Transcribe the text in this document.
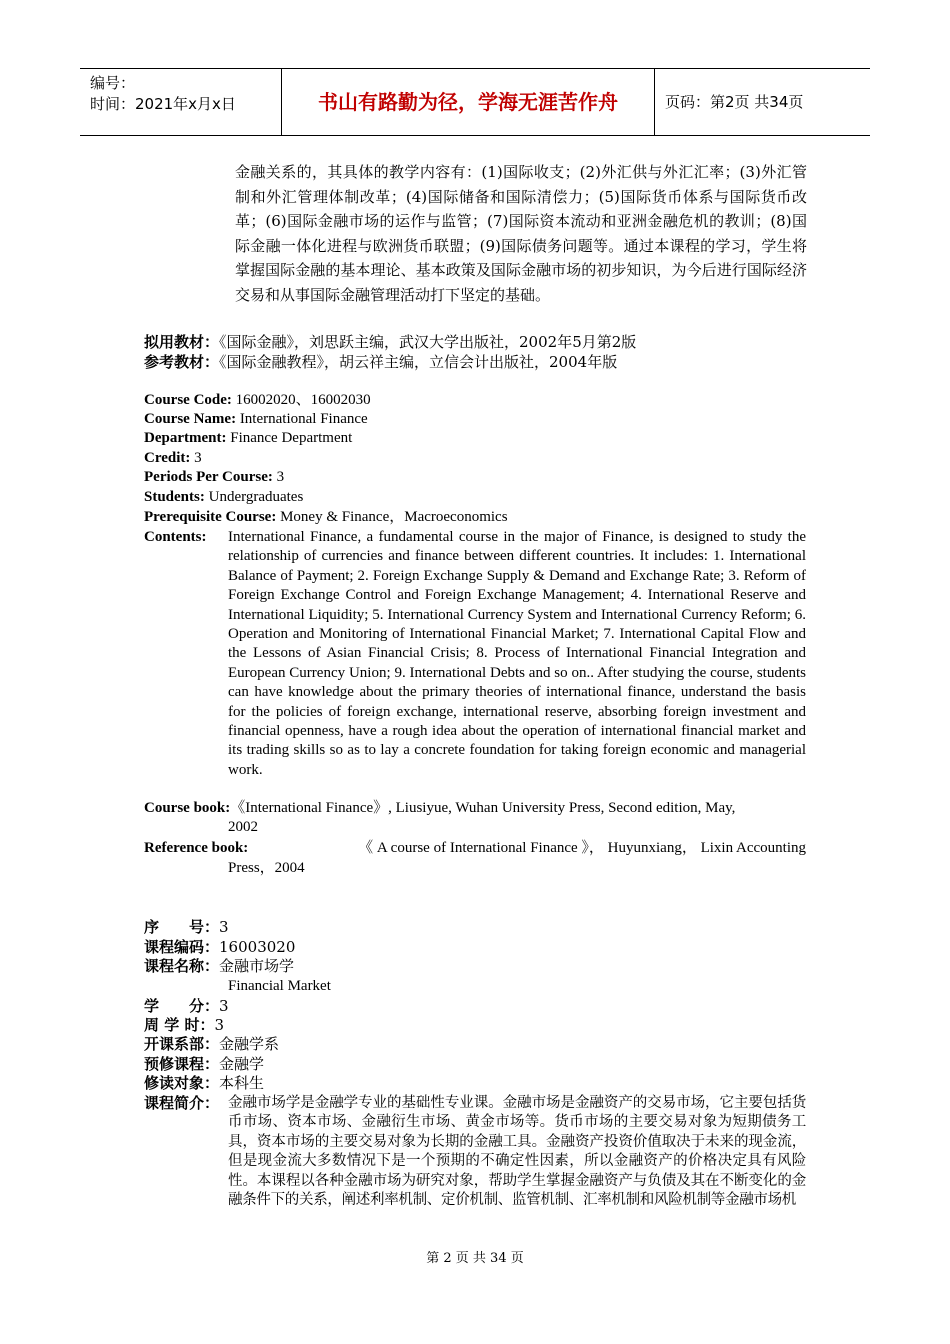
编号：
时间：2021年x月x日	书山有路勤为径，学海无涯苦作舟	页码：第2页 共34页
金融关系的，其具体的教学内容有：(1)国际收支；(2)外汇供与外汇汇率；(3)外汇管制和外汇管理体制改革；(4)国际储备和国际清偿力；(5)国际货币体系与国际货币改革；(6)国际金融市场的运作与监管；(7)国际资本流动和亚洲金融危机的教训；(8)国际金融一体化进程与欧洲货币联盟；(9)国际债务问题等。通过本课程的学习，学生将掌握国际金融的基本理论、基本政策及国际金融市场的初步知识，为今后进行国际经济交易和从事国际金融管理活动打下坚定的基础。
拟用教材：《国际金融》，刘思跃主编，武汉大学出版社，2002年5月第2版
参考教材：《国际金融教程》，胡云祥主编，立信会计出版社，2004年版
Course Code: 16002020、16002030
Course Name: International Finance
Department: Finance Department
Credit: 3
Periods Per Course: 3
Students: Undergraduates
Prerequisite Course: Money & Finance，Macroeconomics
Contents: International Finance, a fundamental course in the major of Finance, is designed to study the relationship of currencies and finance between different countries. It includes: 1. International Balance of Payment; 2. Foreign Exchange Supply & Demand and Exchange Rate; 3. Reform of Foreign Exchange Control and Foreign Exchange Management; 4. International Reserve and International Liquidity; 5. International Currency System and International Currency Reform; 6. Operation and Monitoring of International Financial Market; 7. International Capital Flow and the Lessons of Asian Financial Crisis; 8. Process of International Financial Integration and European Currency Union; 9. International Debts and so on.. After studying the course, students can have knowledge about the primary theories of international finance, understand the basis for the policies of foreign exchange, international reserve, absorbing foreign investment and financial openness, have a rough idea about the operation of international financial market and its trading skills so as to lay a concrete foundation for taking foreign economic and managerial work.
Course book:《International Finance》, Liusiyue, Wuhan University Press, Second edition, May,
2002
Reference book:	《 A course of International Finance 》， Huyunxiang， Lixin Accounting
Press，2004
序　　号：3
课程编码：16003020
课程名称：金融市场学
Financial Market
学　　分：3
周 学 时：3
开课系部：金融学系
预修课程：金融学
修读对象：本科生
课程简介： 金融市场学是金融学专业的基础性专业课。金融市场是金融资产的交易市场，它主要包括货币市场、资本市场、金融衍生市场、黄金市场等。货币市场的主要交易对象为短期债务工具，资本市场的主要交易对象为长期的金融工具。金融资产投资价值取决于未来的现金流，但是现金流大多数情况下是一个预期的不确定性因素，所以金融资产的价格决定具有风险性。本课程以各种金融市场为研究对象，帮助学生掌握金融资产与负债及其在不断变化的金融条件下的关系，阐述利率机制、定价机制、监管机制、汇率机制和风险机制等金融市场机
第 2 页 共 34 页
